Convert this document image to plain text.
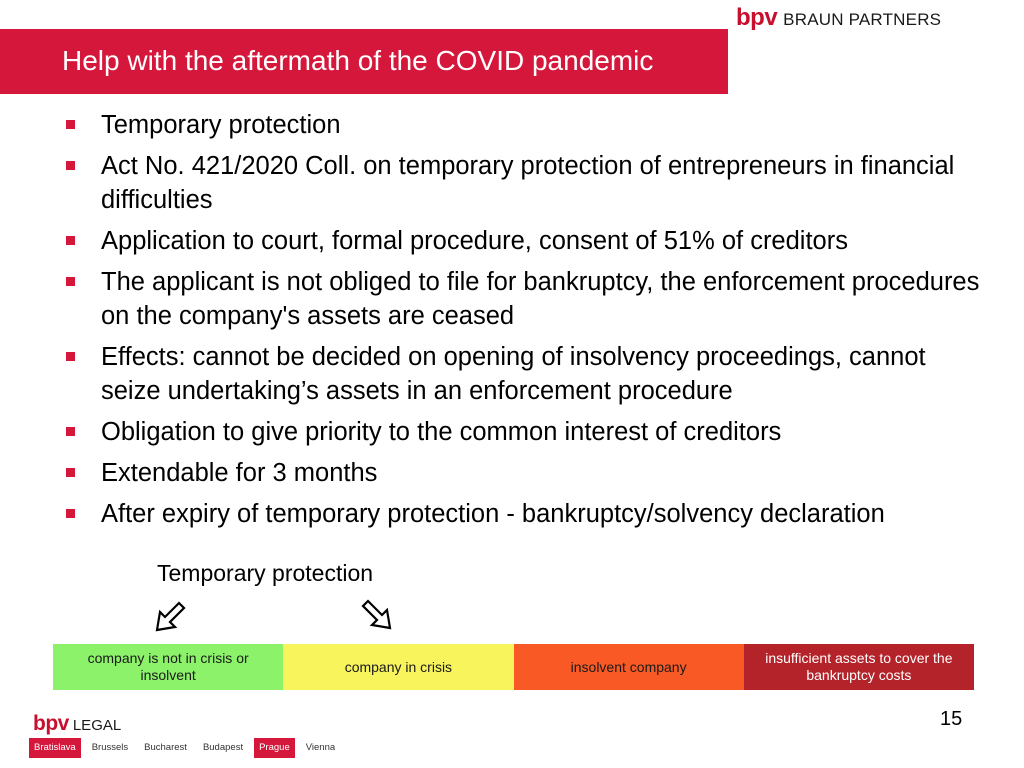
bpv BRAUN PARTNERS
Help with the aftermath of the COVID pandemic
Temporary protection
Act No. 421/2020 Coll. on temporary protection of entrepreneurs in financial difficulties
Application to court, formal procedure, consent of 51% of creditors
The applicant is not obliged to file for bankruptcy, the enforcement procedures on the company's assets are ceased
Effects: cannot be decided on opening of insolvency proceedings, cannot seize undertaking’s assets in an enforcement procedure
Obligation to give priority to the common interest of creditors
Extendable for 3 months
After expiry of temporary protection - bankruptcy/solvency declaration
Temporary protection
company is not in crisis or insolvent
company in crisis	insolvent company
insufficient assets to cover the bankruptcy costs
15
bpv LEGAL
Bratislava	Brussels	Bucharest	Budapest	Prague	Vienna
